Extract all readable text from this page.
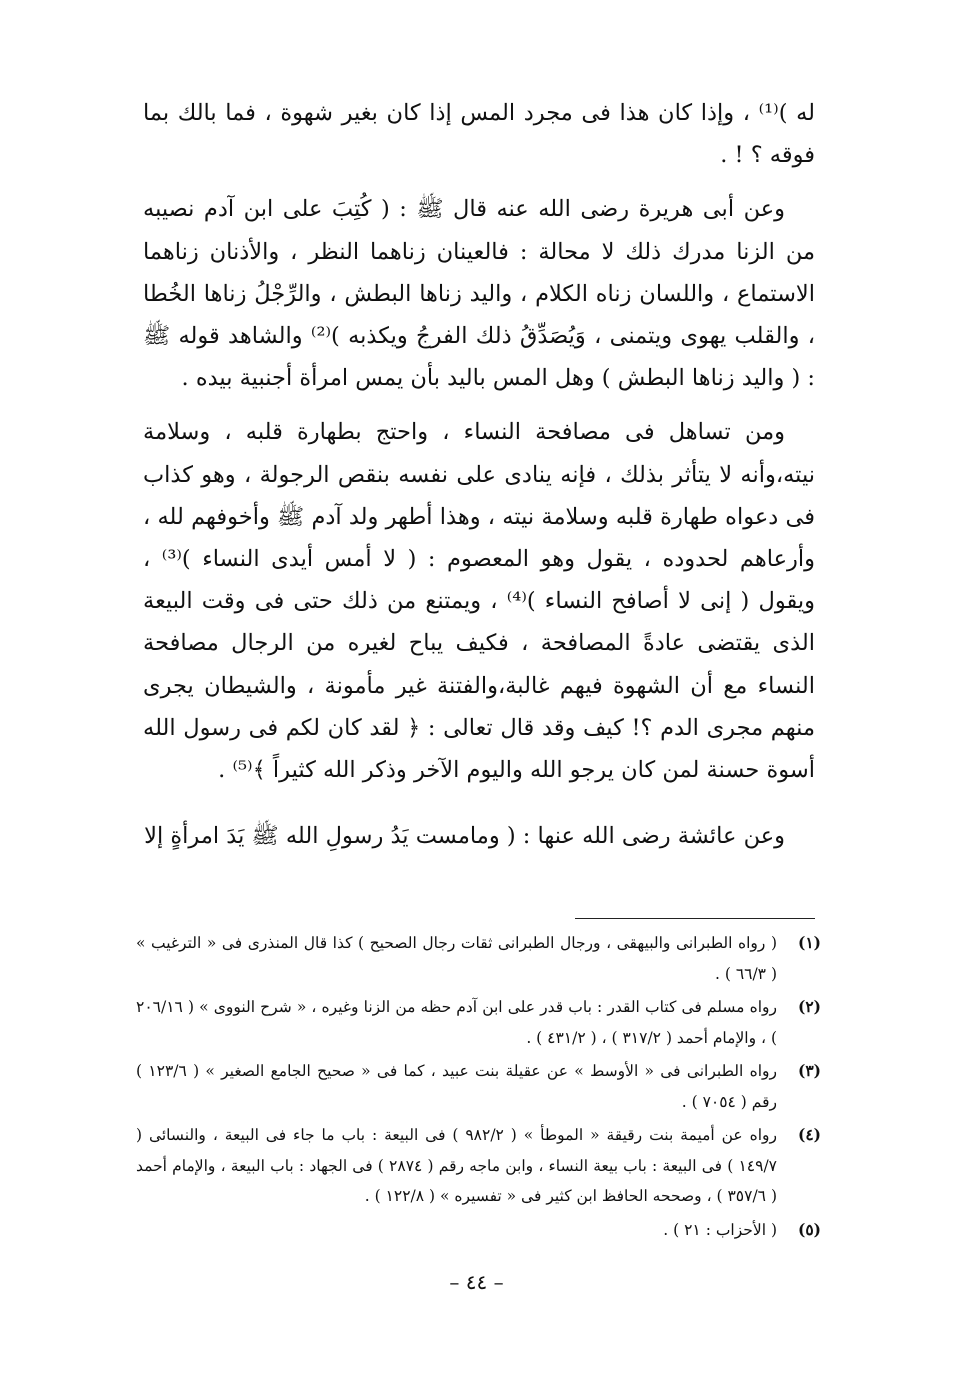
له )⁽¹⁾ ، وإذا كان هذا فى مجرد المس إذا كان بغير شهوة ، فما بالك بما فوقه ؟ ! .

وعن أبى هريرة رضى الله عنه قال ﷺ : ( كُتِبَ على ابن آدم نصيبه من الزنا مدرك ذلك لا محالة : فالعينان زناهما النظر ، والأذنان زناهما الاستماع ، واللسان زناه الكلام ، واليد زناها البطش ، والرِّجْلُ زناها الخُطا ، والقلب يهوى ويتمنى ، وَيُصَدِّقُ ذلك الفرجُ ويكذبه )⁽²⁾ والشاهد قوله ﷺ : ( واليد زناها البطش ) وهل المس باليد بأن يمس امرأة أجنبية بيده .

ومن تساهل فى مصافحة النساء ، واحتج بطهارة قلبه ، وسلامة نيته،وأنه لا يتأثر بذلك ، فإنه ينادى على نفسه بنقص الرجولة ، وهو كذاب فى دعواه طهارة قلبه وسلامة نيته ، وهذا أطهر ولد آدم ﷺ وأخوفهم لله ، وأرعاهم لحدوده ، يقول وهو المعصوم : ( لا أمس أيدى النساء )⁽³⁾ ، ويقول ( إنى لا أصافح النساء )⁽⁴⁾ ، ويمتنع من ذلك حتى فى وقت البيعة الذى يقتضى عادةً المصافحة ، فكيف يباح لغيره من الرجال مصافحة النساء مع أن الشهوة فيهم غالبة،والفتنة غير مأمونة ، والشيطان يجرى منهم مجرى الدم ؟! كيف وقد قال تعالى : ﴿ لقد كان لكم فى رسول الله أسوة حسنة لمن كان يرجو الله واليوم الآخر وذكر الله كثيراً ﴾⁽⁵⁾ .

وعن عائشة رضى الله عنها : ( ومامست يَدُ رسولِ الله ﷺ يَدَ امرأةٍ إلا

(١)
( رواه الطبرانى والبيهقى ، ورجال الطبرانى ثقات رجال الصحيح ) كذا قال المنذرى فى « الترغيب » ( ٦٦/٣ ) .
(٢)
رواه مسلم فى كتاب القدر : باب قدر على ابن آدم حظه من الزنا وغيره ، « شرح النووى » ( ٢٠٦/١٦ ) ، والإمام أحمد ( ٣١٧/٢ ) ، ( ٤٣١/٢ ) .
(٣)
رواه الطبرانى فى « الأوسط » عن عقيلة بنت عبيد ، كما فى « صحيح الجامع الصغير » ( ١٢٣/٦ ) رقم ( ٧٠٥٤ ) .
(٤)
رواه عن أميمة بنت رقيقة « الموطأ » ( ٩٨٢/٢ ) فى البيعة : باب ما جاء فى البيعة ، والنسائى ( ١٤٩/٧ ) فى البيعة : باب بيعة النساء ، وابن ماجه رقم ( ٢٨٧٤ ) فى الجهاد : باب البيعة ، والإمام أحمد ( ٣٥٧/٦ ) ، وصححه الحافظ ابن كثير فى « تفسيره » ( ١٢٢/٨ ) .
(٥)
( الأحزاب : ٢١ ) .
– ٤٤ –
